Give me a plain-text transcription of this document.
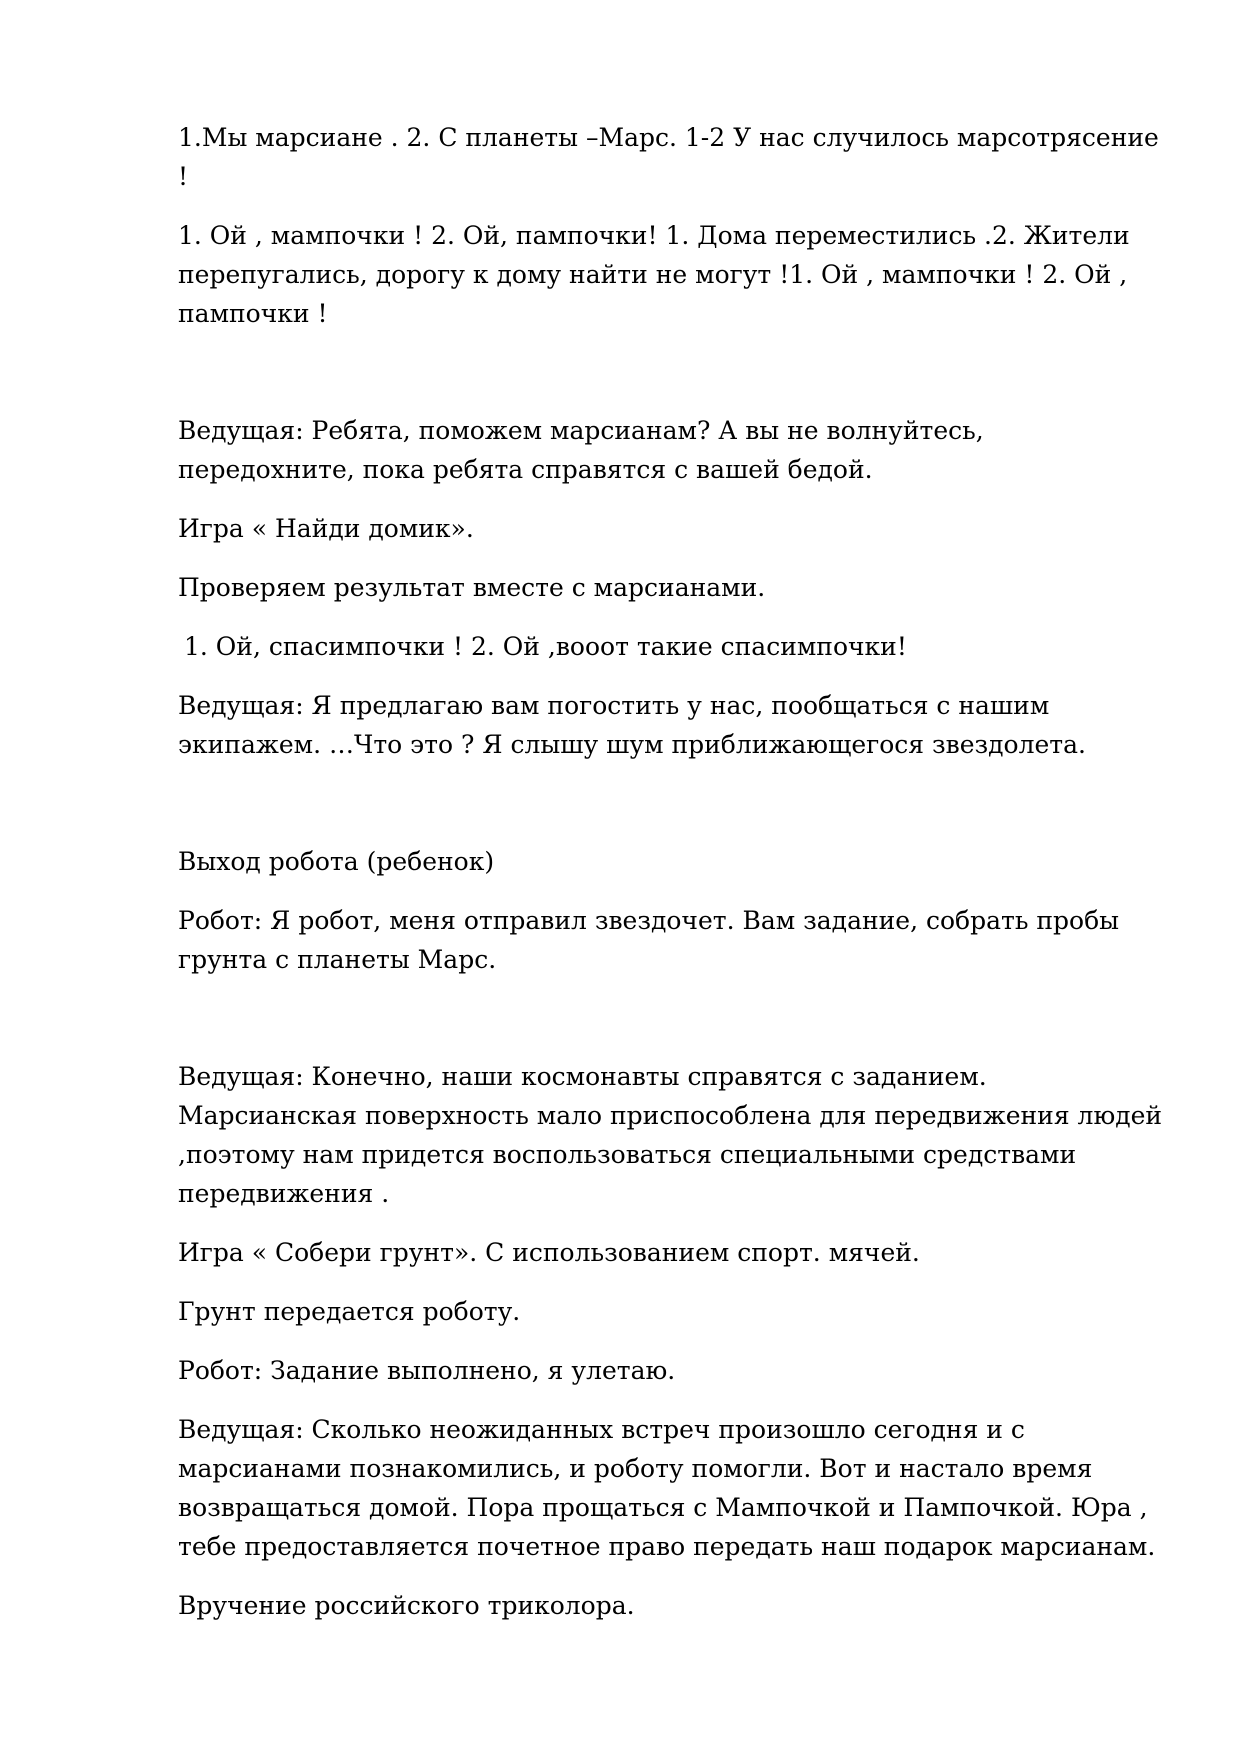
1.Мы марсиане . 2. С планеты –Марс. 1-2 У нас случилось марсотрясение !

1. Ой , мампочки ! 2. Ой, пампочки! 1. Дома переместились .2. Жители перепугались, дорогу к дому найти не могут !1. Ой , мампочки ! 2. Ой , пампочки !

Ведущая: Ребята, поможем марсианам? А вы не волнуйтесь, передохните, пока ребята справятся с вашей бедой.

Игра « Найди домик».

Проверяем результат вместе с марсианами.

1. Ой, спасимпочки ! 2. Ой ,вооот такие спасимпочки!

Ведущая: Я предлагаю вам погостить у нас, пообщаться с нашим экипажем. …Что это ? Я слышу шум приближающегося звездолета.

Выход робота (ребенок)

Робот: Я робот, меня отправил звездочет. Вам задание, собрать пробы грунта с планеты Марс.

Ведущая: Конечно, наши космонавты справятся с заданием. Марсианская поверхность мало приспособлена для передвижения людей ,поэтому нам придется воспользоваться специальными средствами передвижения .

Игра « Собери грунт». С использованием спорт. мячей.

Грунт передается роботу.

Робот: Задание выполнено, я улетаю.

Ведущая: Сколько неожиданных встреч произошло сегодня и с марсианами познакомились, и роботу помогли. Вот и настало время возвращаться домой. Пора прощаться с Мампочкой и Пампочкой. Юра , тебе предоставляется почетное право передать наш подарок марсианам.

Вручение российского триколора.
